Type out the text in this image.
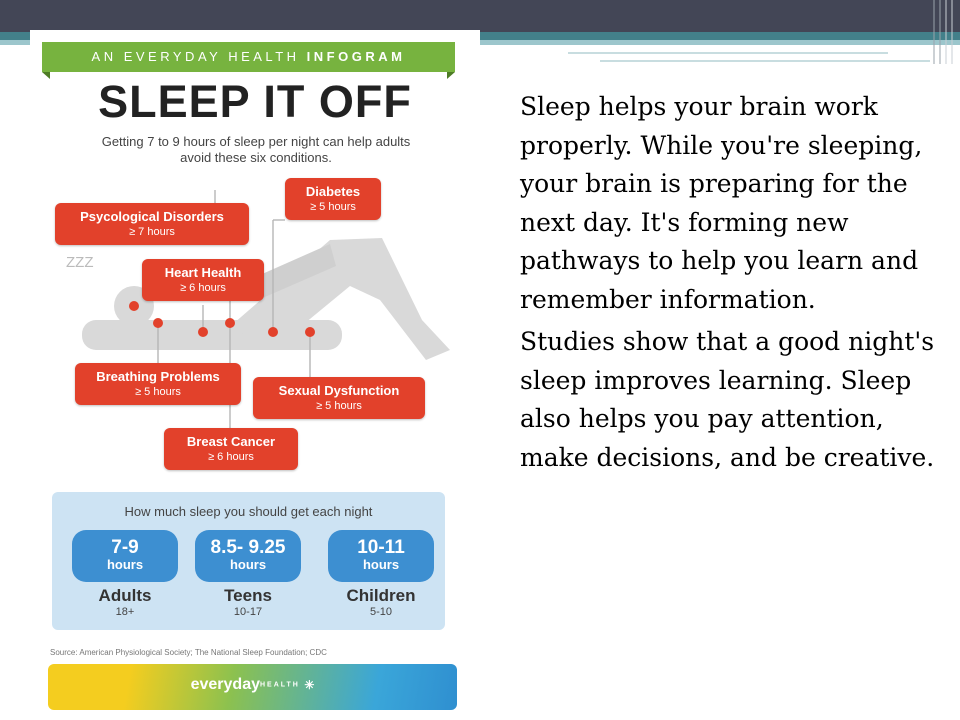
AN EVERYDAY HEALTH INFOGRAM
SLEEP IT OFF
Getting 7 to 9 hours of sleep per night can help adults avoid these six conditions.
ZZZ
Psycological Disorders
≥ 7 hours
Diabetes
≥ 5 hours
Heart Health
≥ 6 hours
Breathing Problems
≥ 5 hours	Sexual Dysfunction
≥ 5 hours
Breast Cancer
≥ 6 hours
How much sleep you should get each night
7-9
hours
8.5- 9.25
hours
10-11
hours
Adults
18+
Teens
10-17
Children
5-10
Source: American Physiological Society; The National Sleep Foundation; CDC
everydayHEALTH ✳

Sleep helps your brain work properly. While you're sleeping, your brain is preparing for the next day. It's forming new pathways to help you learn and remember information.

Studies show that a good night's sleep improves learning. Sleep also helps you pay attention, make decisions, and be creative.
